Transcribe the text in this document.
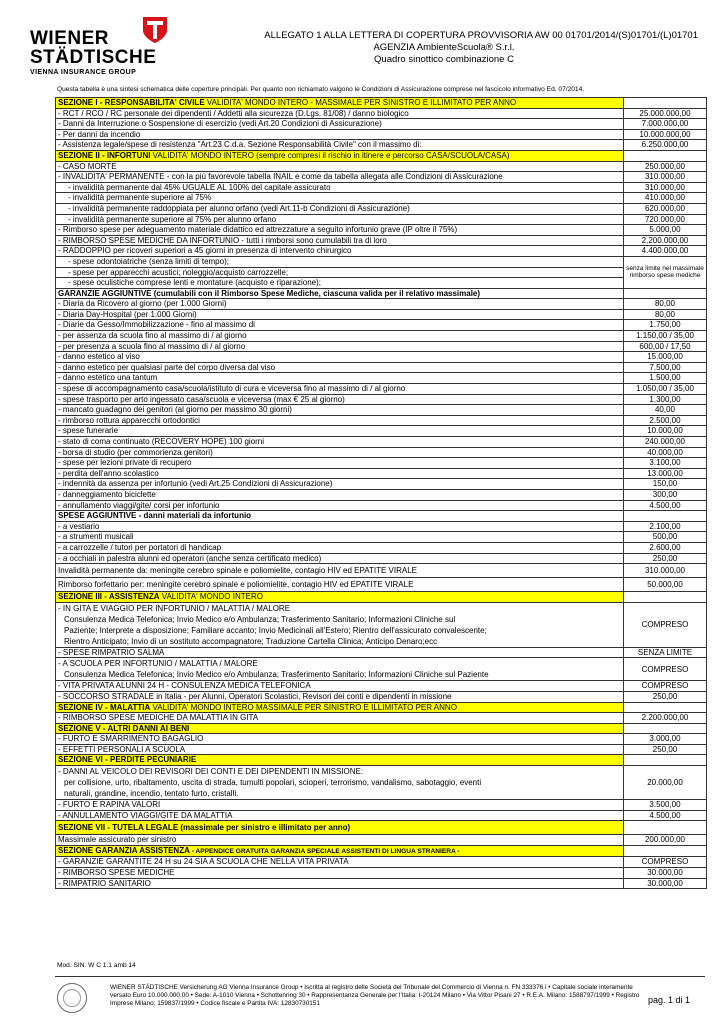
WIENER
STÄDTISCHE
VIENNA INSURANCE GROUP
ALLEGATO 1 ALLA LETTERA DI COPERTURA PROVVISORIA AW 00 01701/2014/(S)01701/(L)01701
AGENZIA AmbienteScuola® S.r.l.
Quadro sinottico combinazione C
Questa tabella è una sintesi schematica delle coperture principali. Per quanto non richiamato valgono le Condizioni di Assicurazione comprese nel fascicolo informativo Ed. 07/2014.
SEZIONE I - RESPONSABILITA' CIVILE VALIDITA' MONDO INTERO - MASSIMALE PER SINISTRO E ILLIMITATO PER ANNO	
- RCT / RCO / RC personale dei dipendenti / Addetti alla sicurezza (D.Lgs. 81/08) / danno biologico	25.000.000,00
- Danni da Interruzione o Sospensione di esercizio (vedi Art.20 Condizioni di Assicurazione)	7.000.000,00
- Per danni da incendio	10.000.000,00
- Assistenza legale/spese di resistenza "Art.23 C.d.a. Sezione Responsabilità Civile" con il massimo di:	6.250.000,00
SEZIONE II - INFORTUNI VALIDITA' MONDO INTERO (sempre compresi il rischio in itinere e percorso CASA/SCUOLA/CASA)	
- CASO MORTE	250.000,00
- INVALIDITA' PERMANENTE - con la più favorevole tabella INAIL e come da tabella allegata alle Condizioni di Assicurazione	310.000,00
- invalidità permanente dal 45% UGUALE AL 100% del capitale assicurato	310.000,00
- invalidità permanente superiore al 75%	410.000,00
- invalidità permanente raddoppiata per alunno orfano (vedi Art.11-b Condizioni di Assicurazione)	620.000,00
- invalidità permanente superiore al 75% per alunno orfano	720.000,00
- Rimborso spese per adeguamento materiale didattico ed attrezzature a seguito infortunio grave (IP oltre il 75%)	5.000,00
- RIMBORSO SPESE MEDICHE DA INFORTUNIO - tutti i rimborsi sono cumulabili tra di loro	2.200.000,00
- RADDOPPIO per ricoveri superiori a 45 giorni in presenza di intervento chirurgico	4.400.000,00
- spese odontoiatriche (senza limiti di tempo);	senza limite nel massimale rimborso spese mediche
- spese per apparecchi acustici; noleggio/acquisto carrozzelle;	
- spese oculistiche comprese lenti e montature (acquisto e riparazione);	
GARANZIE AGGIUNTIVE (cumulabili con il Rimborso Spese Mediche, ciascuna valida per il relativo massimale)	
- Diaria da Ricovero al giorno (per 1.000 Giorni)	80,00
- Diaria Day-Hospital (per 1.000 Giorni)	80,00
- Diarie da Gesso/Immobilizzazione - fino al massimo di	1.750,00
- per assenza da scuola fino al massimo di / al giorno	1.150,00 / 35,00
- per presenza a scuola fino al massimo di / al giorno	600,00 / 17,50
- danno estetico al viso	15.000,00
- danno estetico per qualsiasi parte del corpo diversa dal viso	7.500,00
- danno estetico una tantum	1.500,00
- spese di accompagnamento casa/scuola/istituto di cura e viceversa fino al massimo di / al giorno	1.050,00 / 35,00
- spese trasporto per arto ingessato casa/scuola e viceversa (max € 25 al giorno)	1.300,00
- mancato guadagno dei genitori (al giorno per massimo 30 giorni)	40,00
- rimborso rottura apparecchi ortodontici	2.500,00
- spese funerarie	10.000,00
- stato di coma continuato (RECOVERY HOPE) 100 giorni	240.000,00
- borsa di studio (per commorienza genitori)	40.000,00
- spese per lezioni private di recupero	3.100,00
- perdita dell'anno scolastico	13.000,00
- indennità da assenza per infortunio (vedi Art.25 Condizioni di Assicurazione)	150,00
- danneggiamento biciclette	300,00
- annullamento viaggi/gite/ corsi per infortunio	4.500,00
SPESE AGGIUNTIVE - danni materiali da infortunio	
- a vestiario	2.100,00
- a strumenti musicali	500,00
- a carrozzelle / tutori per portatori di handicap	2.600,00
- a occhiali in palestra alunni ed operatori (anche senza certificato medico)	250,00
Invalidità permanente da: meningite cerebro spinale e poliomielite, contagio HIV ed EPATITE VIRALE	310.000,00
Rimborso forfettario per: meningite cerebro spinale e poliomielite, contagio HIV ed EPATITE VIRALE	50.000,00
SEZIONE III - ASSISTENZA VALIDITA' MONDO INTERO	

- IN GITA E VIAGGIO PER INFORTUNIO / MALATTIA / MALORE
Consulenza Medica Telefonica; Invio Medico e/o Ambulanza; Trasferimento Sanitario; Informazioni Cliniche sul
Paziente; Interprete a disposizione; Familiare accanto; Invio Medicinali all'Estero; Rientro dell'assicurato convalescente;
Rientro Anticipato; Invio di un sostituto accompagnatore; Traduzione Cartella Clinica; Anticipo Denaro;ecc	COMPRESO
- SPESE RIMPATRIO SALMA	SENZA LIMITE

- A SCUOLA PER INFORTUNIO / MALATTIA / MALORE
Consulenza Medica Telefonica; Invio Medico e/o Ambulanza; Trasferimento Sanitario; Informazioni Cliniche sul Paziente	COMPRESO
- VITA PRIVATA ALUNNI 24 H - CONSULENZA MEDICA TELEFONICA	COMPRESO
- SOCCORSO STRADALE in Italia - per Alunni, Operatori Scolastici, Revisori dei conti e dipendenti in missione	250,00
SEZIONE IV - MALATTIA VALIDITA' MONDO INTERO MASSIMALE PER SINISTRO E ILLIMITATO PER ANNO	
- RIMBORSO SPESE MEDICHE DA MALATTIA IN GITA	2.200.000,00
SEZIONE V - ALTRI DANNI AI BENI	
- FURTO E SMARRIMENTO BAGAGLIO	3.000,00
- EFFETTI PERSONALI A SCUOLA	250,00
SEZIONE VI - PERDITE PECUNIARIE	

- DANNI AL VEICOLO DEI REVISORI DEI CONTI E DEI DIPENDENTI IN MISSIONE:
per collisione, urto, ribaltamento, uscita di strada, tumulti popolari, scioperi, terrorismo, vandalismo, sabotaggio, eventi
naturali, grandine, incendio, tentato furto, cristalli.	20.000,00
- FURTO E RAPINA VALORI	3.500,00
- ANNULLAMENTO VIAGGI/GITE DA MALATTIA	4.500,00
SEZIONE VII - TUTELA LEGALE (massimale per sinistro e illimitato per anno)	
Massimale assicurato per sinistro	200.000,00
SEZIONE GARANZIA ASSISTENZA - APPENDICE GRATUITA GARANZIA SPECIALE ASSISTENTI DI LINGUA STRANIERA -	
- GARANZIE GARANTITE 24 H su 24 SIA A SCUOLA CHE NELLA VITA PRIVATA	COMPRESO
- RIMBORSO SPESE MEDICHE	30.000,00
- RIMPATRIO SANITARIO	30.000,00
Mod. SIN. W C 1.1 amb 14
WIENER STÄDTISCHE Versicherung AG Vienna Insurance Group • Iscritta al registro delle Società del Tribunale del Commercio di Vienna n. FN 333376 i • Capitale sociale interamente versato Euro 10.000.000,00 • Sede: A-1010 Vienna • Schottenring 30 • Rappresentanza Generale per l'Italia: I-20124 Milano • Via Vittor Pisani 27 • R.E.A. Milano: 1588797/1999 • Registro Imprese Milano: 159837/1999 • Codice fiscale e Partita IVA: 12830730151	pag. 1 di 1
